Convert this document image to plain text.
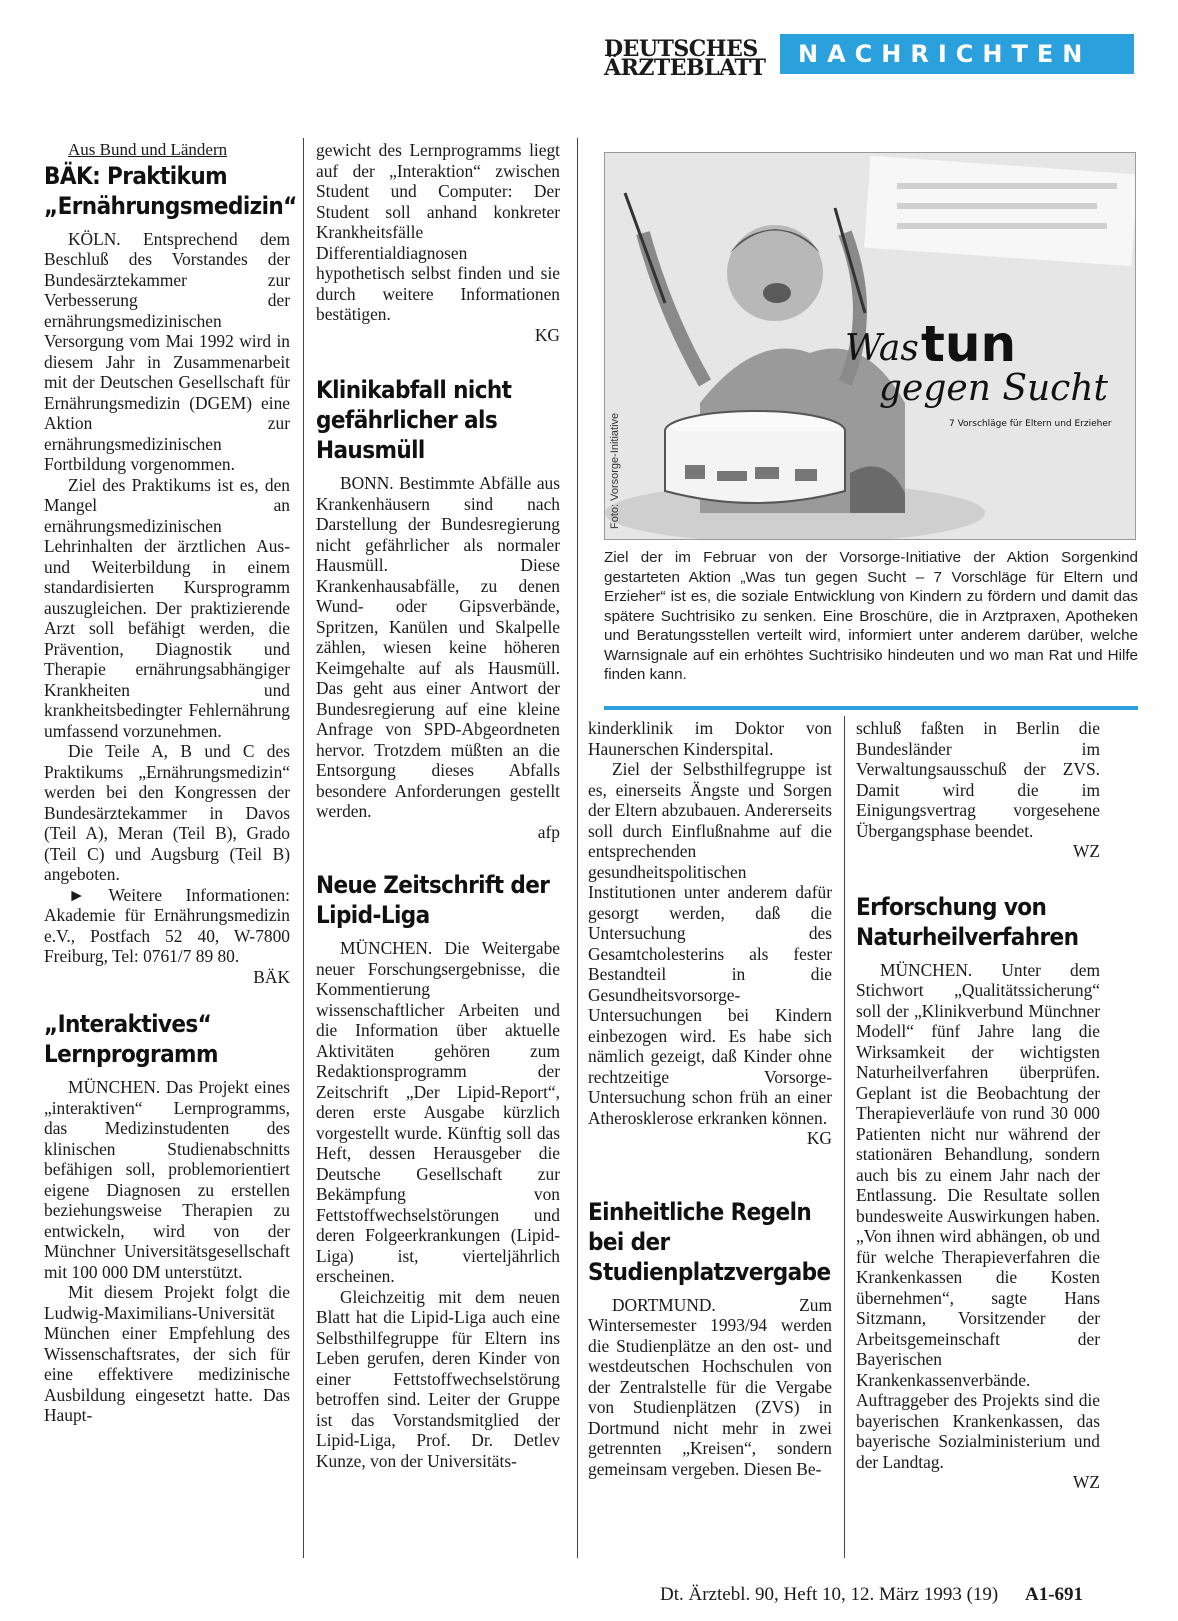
DEUTSCHES
ÄRZTEBLATT	NACHRICHTEN

Aus Bund und Ländern

BÄK: Praktikum „Ernährungsmedizin“

KÖLN. Entsprechend dem Beschluß des Vorstandes der Bundesärztekammer zur Verbesserung der ernährungsmedizinischen Versorgung vom Mai 1992 wird in diesem Jahr in Zusammenarbeit mit der Deutschen Gesellschaft für Ernährungsmedizin (DGEM) eine Aktion zur ernährungsmedizinischen Fortbildung vorgenommen.

Ziel des Praktikums ist es, den Mangel an ernährungsmedizinischen Lehrinhalten der ärztlichen Aus- und Weiterbildung in einem standardisierten Kursprogramm auszugleichen. Der praktizierende Arzt soll befähigt werden, die Prävention, Diagnostik und Therapie ernährungsabhängiger Krankheiten und krankheitsbedingter Fehlernährung umfassend vorzunehmen.

Die Teile A, B und C des Praktikums „Ernährungsmedizin“ werden bei den Kongressen der Bundesärztekammer in Davos (Teil A), Meran (Teil B), Grado (Teil C) und Augsburg (Teil B) angeboten.

► Weitere Informationen: Akademie für Ernährungsmedizin e.V., Postfach 52 40, W-7800 Freiburg, Tel: 0761/7 89 80.

BÄK

„Interaktives“ Lernprogramm

MÜNCHEN. Das Projekt eines „interaktiven“ Lernprogramms, das Medizinstudenten des klinischen Studienabschnitts befähigen soll, problemorientiert eigene Diagnosen zu erstellen beziehungsweise Therapien zu entwickeln, wird von der Münchner Universitätsgesellschaft mit 100 000 DM unterstützt.

Mit diesem Projekt folgt die Ludwig-Maximilians-Universität München einer Empfehlung des Wissenschaftsrates, der sich für eine effektivere medizinische Ausbildung eingesetzt hatte. Das Haupt-

gewicht des Lernprogramms liegt auf der „Interaktion“ zwischen Student und Computer: Der Student soll anhand konkreter Krankheitsfälle Differentialdiagnosen hypothetisch selbst finden und sie durch weitere Informationen bestätigen.

KG

Klinikabfall nicht gefährlicher als Hausmüll

BONN. Bestimmte Abfälle aus Krankenhäusern sind nach Darstellung der Bundesregierung nicht gefährlicher als normaler Hausmüll. Diese Krankenhausabfälle, zu denen Wund- oder Gipsverbände, Spritzen, Kanülen und Skalpelle zählen, wiesen keine höheren Keimgehalte auf als Hausmüll. Das geht aus einer Antwort der Bundesregierung auf eine kleine Anfrage von SPD-Abgeordneten hervor. Trotzdem müßten an die Entsorgung dieses Abfalls besondere Anforderungen gestellt werden.

afp

Neue Zeitschrift der Lipid-Liga

MÜNCHEN. Die Weitergabe neuer Forschungsergebnisse, die Kommentierung wissenschaftlicher Arbeiten und die Information über aktuelle Aktivitäten gehören zum Redaktionsprogramm der Zeitschrift „Der Lipid-Report“, deren erste Ausgabe kürzlich vorgestellt wurde. Künftig soll das Heft, dessen Herausgeber die Deutsche Gesellschaft zur Bekämpfung von Fettstoffwechselstörungen und deren Folgeerkrankungen (Lipid-Liga) ist, vierteljährlich erscheinen.

Gleichzeitig mit dem neuen Blatt hat die Lipid-Liga auch eine Selbsthilfegruppe für Eltern ins Leben gerufen, deren Kinder von einer Fettstoffwechselstörung betroffen sind. Leiter der Gruppe ist das Vorstandsmitglied der Lipid-Liga, Prof. Dr. Detlev Kunze, von der Universitäts-

Was tun
gegen Sucht
7 Vorschläge für Eltern und Erzieher
Foto: Vorsorge-Initiative
Ziel der im Februar von der Vorsorge-Initiative der Aktion Sorgenkind gestarteten Aktion „Was tun gegen Sucht – 7 Vorschläge für Eltern und Erzieher“ ist es, die soziale Entwicklung von Kindern zu fördern und damit das spätere Suchtrisiko zu senken. Eine Broschüre, die in Arztpraxen, Apotheken und Beratungsstellen verteilt wird, informiert unter anderem darüber, welche Warnsignale auf ein erhöhtes Suchtrisiko hindeuten und wo man Rat und Hilfe finden kann.

kinderklinik im Doktor von Haunerschen Kinderspital.

Ziel der Selbsthilfegruppe ist es, einerseits Ängste und Sorgen der Eltern abzubauen. Andererseits soll durch Einflußnahme auf die entsprechenden gesundheitspolitischen Institutionen unter anderem dafür gesorgt werden, daß die Untersuchung des Gesamtcholesterins als fester Bestandteil in die Gesundheitsvorsorge-Untersuchungen bei Kindern einbezogen wird. Es habe sich nämlich gezeigt, daß Kinder ohne rechtzeitige Vorsorge-Untersuchung schon früh an einer Atherosklerose erkranken können.

KG

Einheitliche Regeln bei der Studienplatzvergabe

DORTMUND. Zum Wintersemester 1993/94 werden die Studienplätze an den ost- und westdeutschen Hochschulen von der Zentralstelle für die Vergabe von Studienplätzen (ZVS) in Dortmund nicht mehr in zwei getrennten „Kreisen“, sondern gemeinsam vergeben. Diesen Be-

schluß faßten in Berlin die Bundesländer im Verwaltungsausschuß der ZVS. Damit wird die im Einigungsvertrag vorgesehene Übergangsphase beendet.

WZ

Erforschung von Naturheilverfahren

MÜNCHEN. Unter dem Stichwort „Qualitätssicherung“ soll der „Klinikverbund Münchner Modell“ fünf Jahre lang die Wirksamkeit der wichtigsten Naturheilverfahren überprüfen. Geplant ist die Beobachtung der Therapieverläufe von rund 30 000 Patienten nicht nur während der stationären Behandlung, sondern auch bis zu einem Jahr nach der Entlassung. Die Resultate sollen bundesweite Auswirkungen haben. „Von ihnen wird abhängen, ob und für welche Therapieverfahren die Krankenkassen die Kosten übernehmen“, sagte Hans Sitzmann, Vorsitzender der Arbeitsgemeinschaft der Bayerischen Krankenkassenverbände. Auftraggeber des Projekts sind die bayerischen Krankenkassen, das bayerische Sozialministerium und der Landtag.

WZ

Dt. Ärztebl. 90, Heft 10, 12. März 1993 (19) A1-691
